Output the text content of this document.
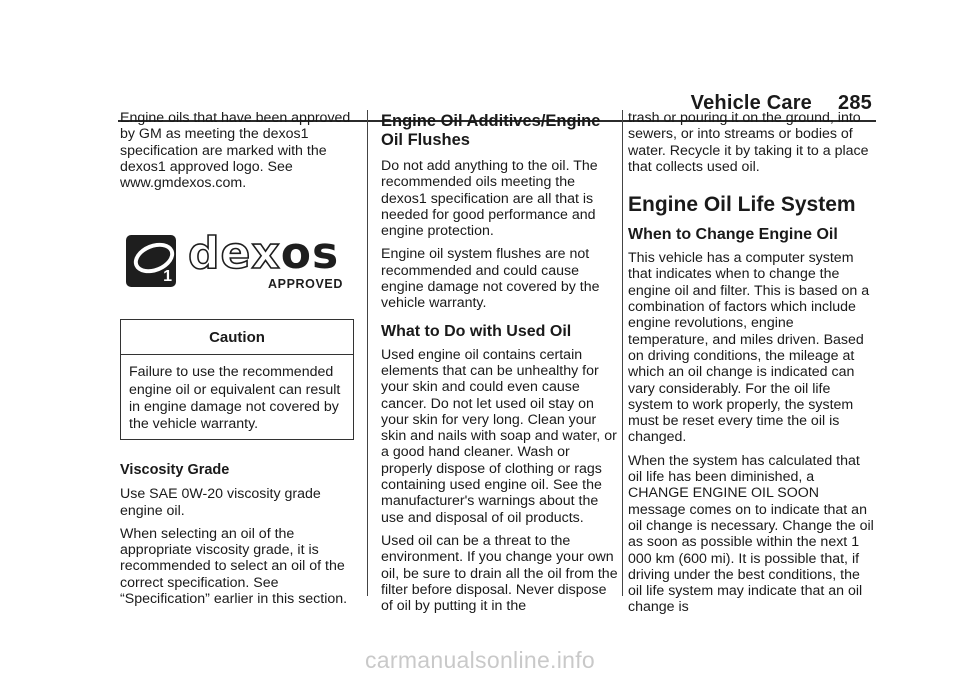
Vehicle Care 285

Engine oils that have been approved by GM as meeting the dexos1 specification are marked with the dexos1 approved logo. See www.gmdexos.com.

1 dexos
APPROVED
Caution
Failure to use the recommended engine oil or equivalent can result in engine damage not covered by the vehicle warranty.
Viscosity Grade

Use SAE 0W-20 viscosity grade engine oil.

When selecting an oil of the appropriate viscosity grade, it is recommended to select an oil of the correct specification. See “Specification” earlier in this section.

Engine Oil Additives/Engine Oil Flushes

Do not add anything to the oil. The recommended oils meeting the dexos1 specification are all that is needed for good performance and engine protection.

Engine oil system flushes are not recommended and could cause engine damage not covered by the vehicle warranty.

What to Do with Used Oil

Used engine oil contains certain elements that can be unhealthy for your skin and could even cause cancer. Do not let used oil stay on your skin for very long. Clean your skin and nails with soap and water, or a good hand cleaner. Wash or properly dispose of clothing or rags containing used engine oil. See the manufacturer's warnings about the use and disposal of oil products.

Used oil can be a threat to the environment. If you change your own oil, be sure to drain all the oil from the filter before disposal. Never dispose of oil by putting it in the

trash or pouring it on the ground, into sewers, or into streams or bodies of water. Recycle it by taking it to a place that collects used oil.

Engine Oil Life System
When to Change Engine Oil

This vehicle has a computer system that indicates when to change the engine oil and filter. This is based on a combination of factors which include engine revolutions, engine temperature, and miles driven. Based on driving conditions, the mileage at which an oil change is indicated can vary considerably. For the oil life system to work properly, the system must be reset every time the oil is changed.

When the system has calculated that oil life has been diminished, a CHANGE ENGINE OIL SOON message comes on to indicate that an oil change is necessary. Change the oil as soon as possible within the next 1 000 km (600 mi). It is possible that, if driving under the best conditions, the oil life system may indicate that an oil change is

carmanualsonline.info
